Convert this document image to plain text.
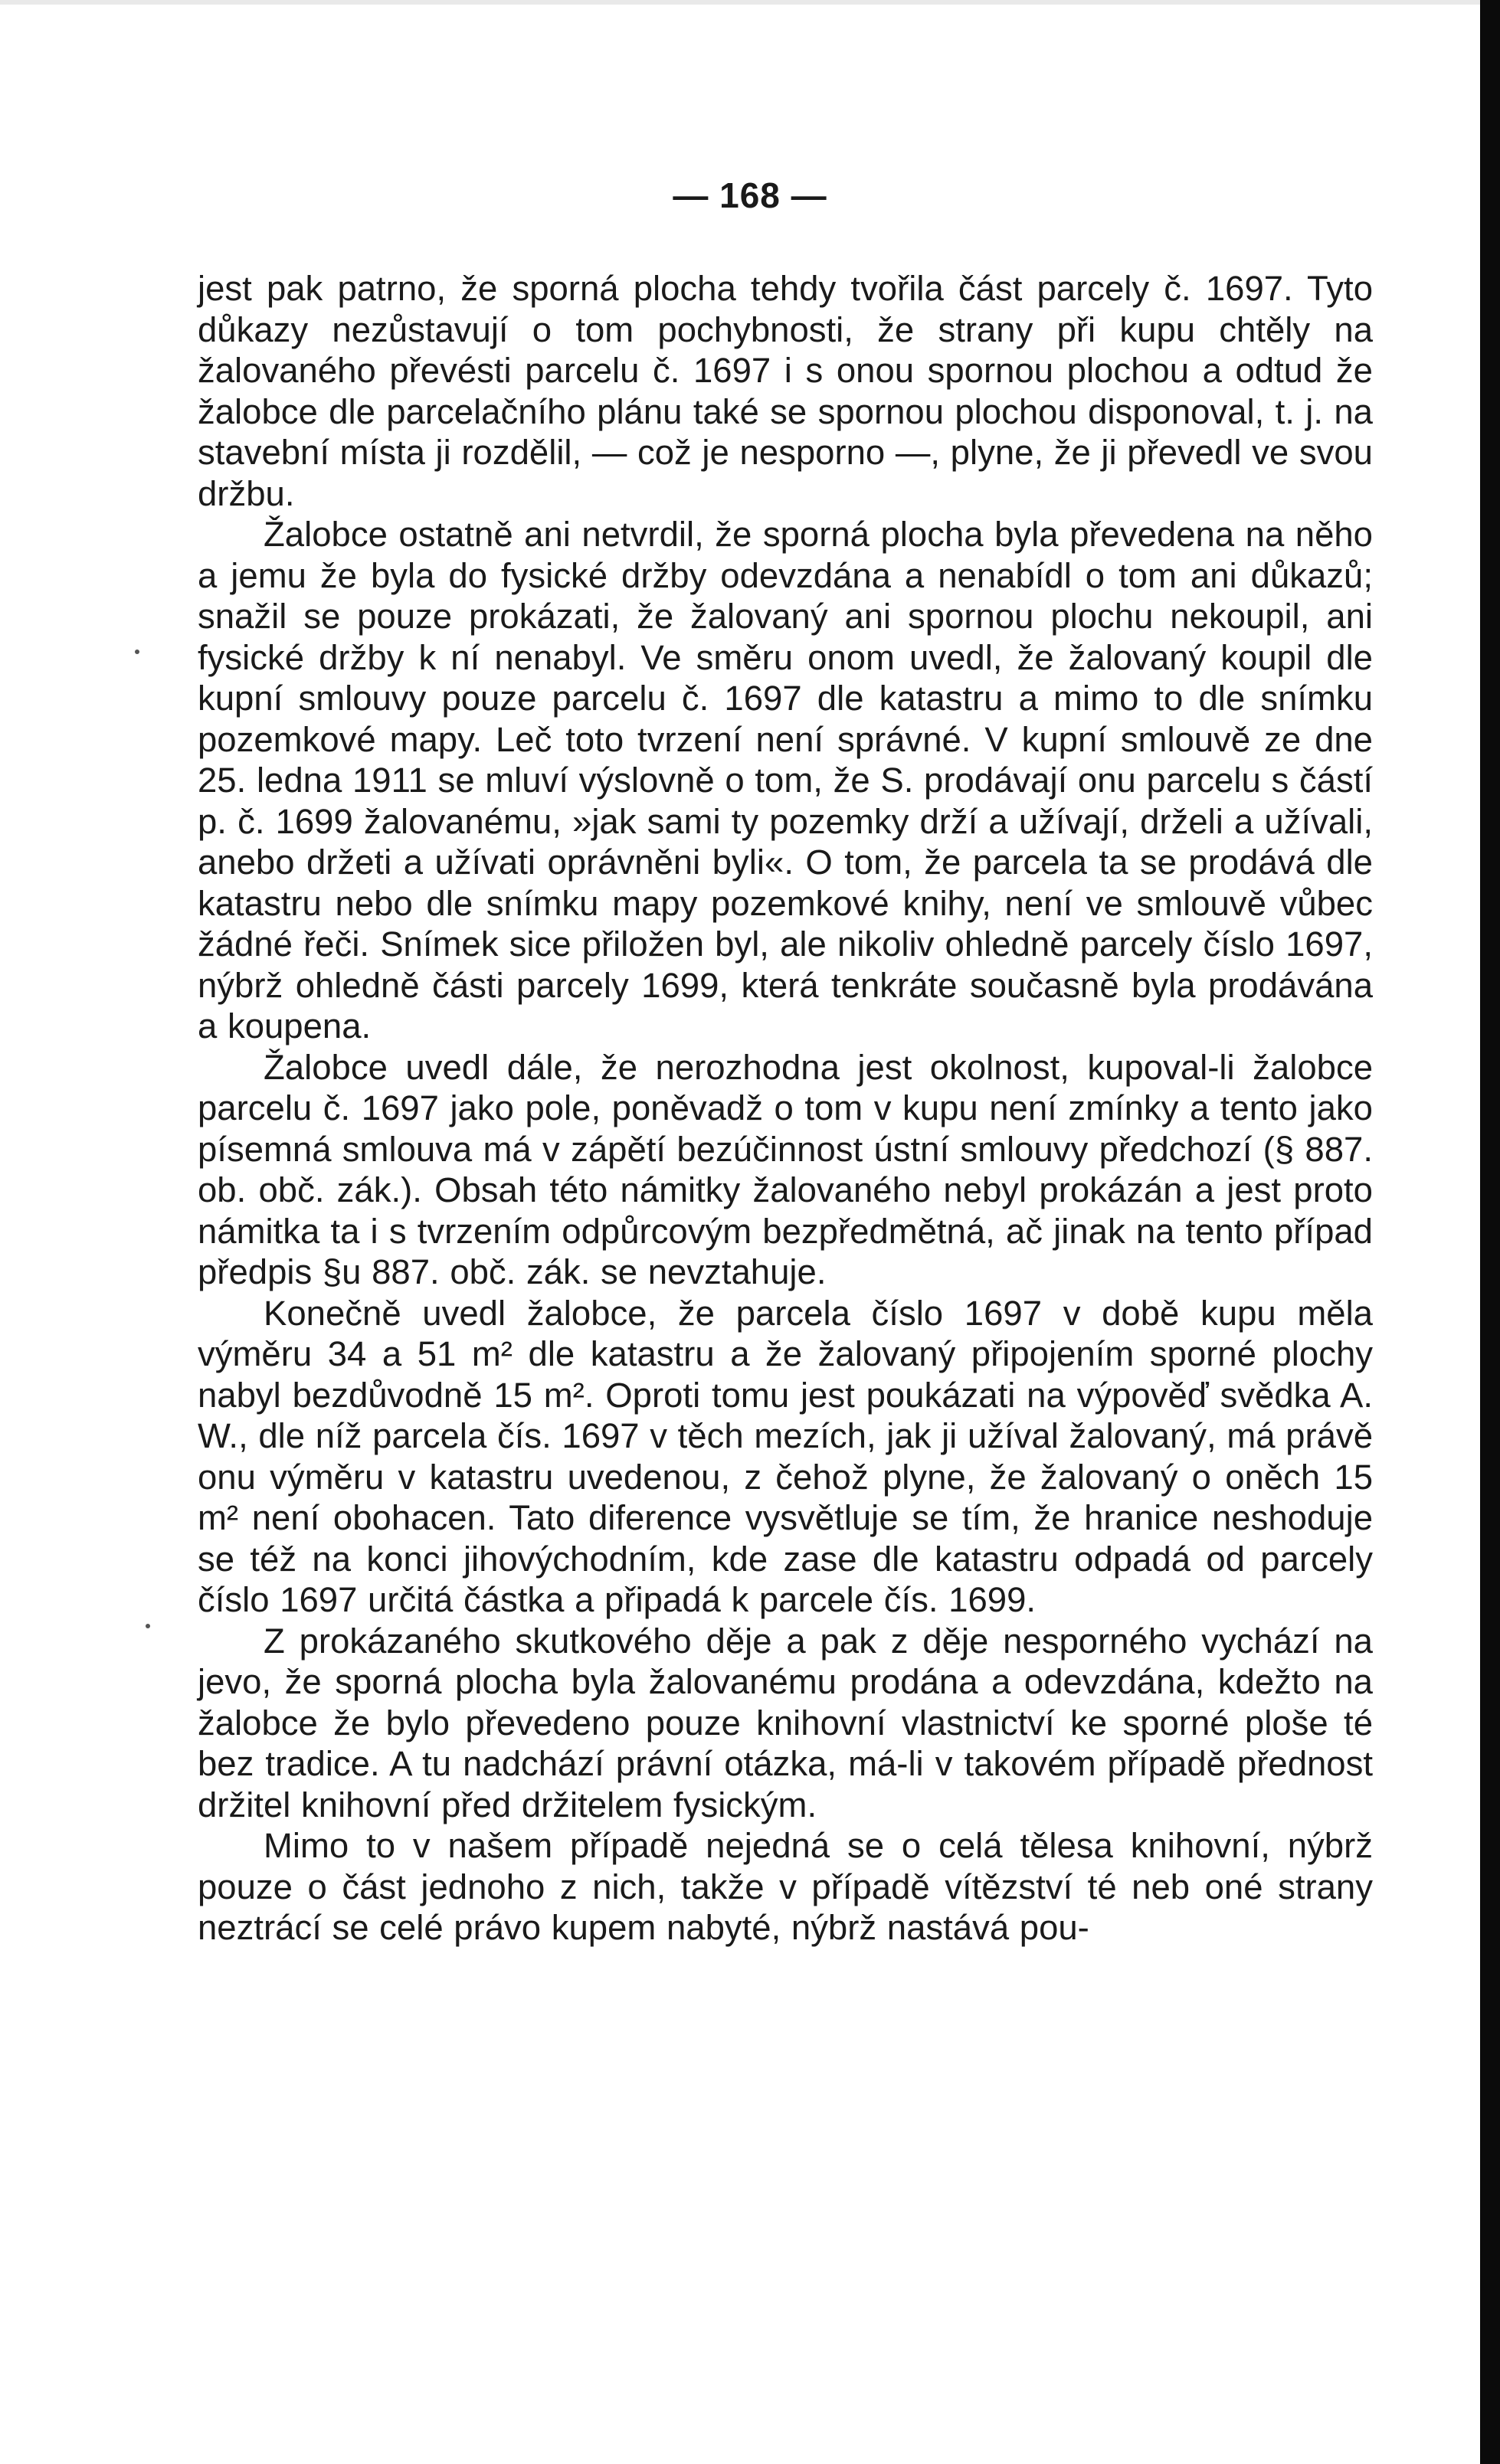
— 168 —

jest pak patrno, že sporná plocha tehdy tvořila část parcely č. 1697. Tyto důkazy nezůstavují o tom pochybnosti, že strany při kupu chtěly na žalovaného převésti parcelu č. 1697 i s onou spornou plochou a odtud že žalobce dle parcelačního plánu také se spornou plochou disponoval, t. j. na stavební místa ji rozdělil, — což je nesporno —, plyne, že ji převedl ve svou držbu.

Žalobce ostatně ani netvrdil, že sporná plocha byla převedena na něho a jemu že byla do fysické držby odevzdána a nenabídl o tom ani důkazů; snažil se pouze prokázati, že žalovaný ani spornou plochu nekoupil, ani fysické držby k ní nenabyl. Ve směru onom uvedl, že žalovaný koupil dle kupní smlouvy pouze parcelu č. 1697 dle katastru a mimo to dle snímku pozemkové mapy. Leč toto tvrzení není správné. V kupní smlouvě ze dne 25. ledna 1911 se mluví výslovně o tom, že S. prodávají onu parcelu s částí p. č. 1699 žalovanému, »jak sami ty pozemky drží a užívají, drželi a užívali, anebo držeti a užívati oprávněni byli«. O tom, že parcela ta se prodává dle katastru nebo dle snímku mapy pozemkové knihy, není ve smlouvě vůbec žádné řeči. Snímek sice přiložen byl, ale nikoliv ohledně parcely číslo 1697, nýbrž ohledně části parcely 1699, která tenkráte současně byla prodávána a koupena.

Žalobce uvedl dále, že nerozhodna jest okolnost, kupoval-li žalobce parcelu č. 1697 jako pole, poněvadž o tom v kupu není zmínky a tento jako písemná smlouva má v zápětí bezúčinnost ústní smlouvy předchozí (§ 887. ob. obč. zák.). Obsah této námitky žalovaného nebyl prokázán a jest proto námitka ta i s tvrzením odpůrcovým bezpředmětná, ač jinak na tento případ předpis §u 887. obč. zák. se nevztahuje.

Konečně uvedl žalobce, že parcela číslo 1697 v době kupu měla výměru 34 a 51 m² dle katastru a že žalovaný připojením sporné plochy nabyl bezdůvodně 15 m². Oproti tomu jest poukázati na výpověď svědka A. W., dle níž parcela čís. 1697 v těch mezích, jak ji užíval žalovaný, má právě onu výměru v katastru uvedenou, z čehož plyne, že žalovaný o oněch 15 m² není obohacen. Tato diference vysvětluje se tím, že hranice neshoduje se též na konci jihovýchodním, kde zase dle katastru odpadá od parcely číslo 1697 určitá částka a připadá k parcele čís. 1699.

Z prokázaného skutkového děje a pak z děje nesporného vychází na jevo, že sporná plocha byla žalovanému prodána a odevzdána, kdežto na žalobce že bylo převedeno pouze knihovní vlastnictví ke sporné ploše té bez tradice. A tu nadchází právní otázka, má-li v takovém případě přednost držitel knihovní před držitelem fysickým.

Mimo to v našem případě nejedná se o celá tělesa knihovní, nýbrž pouze o část jednoho z nich, takže v případě vítězství té neb oné strany neztrácí se celé právo kupem nabyté, nýbrž nastává pou-
